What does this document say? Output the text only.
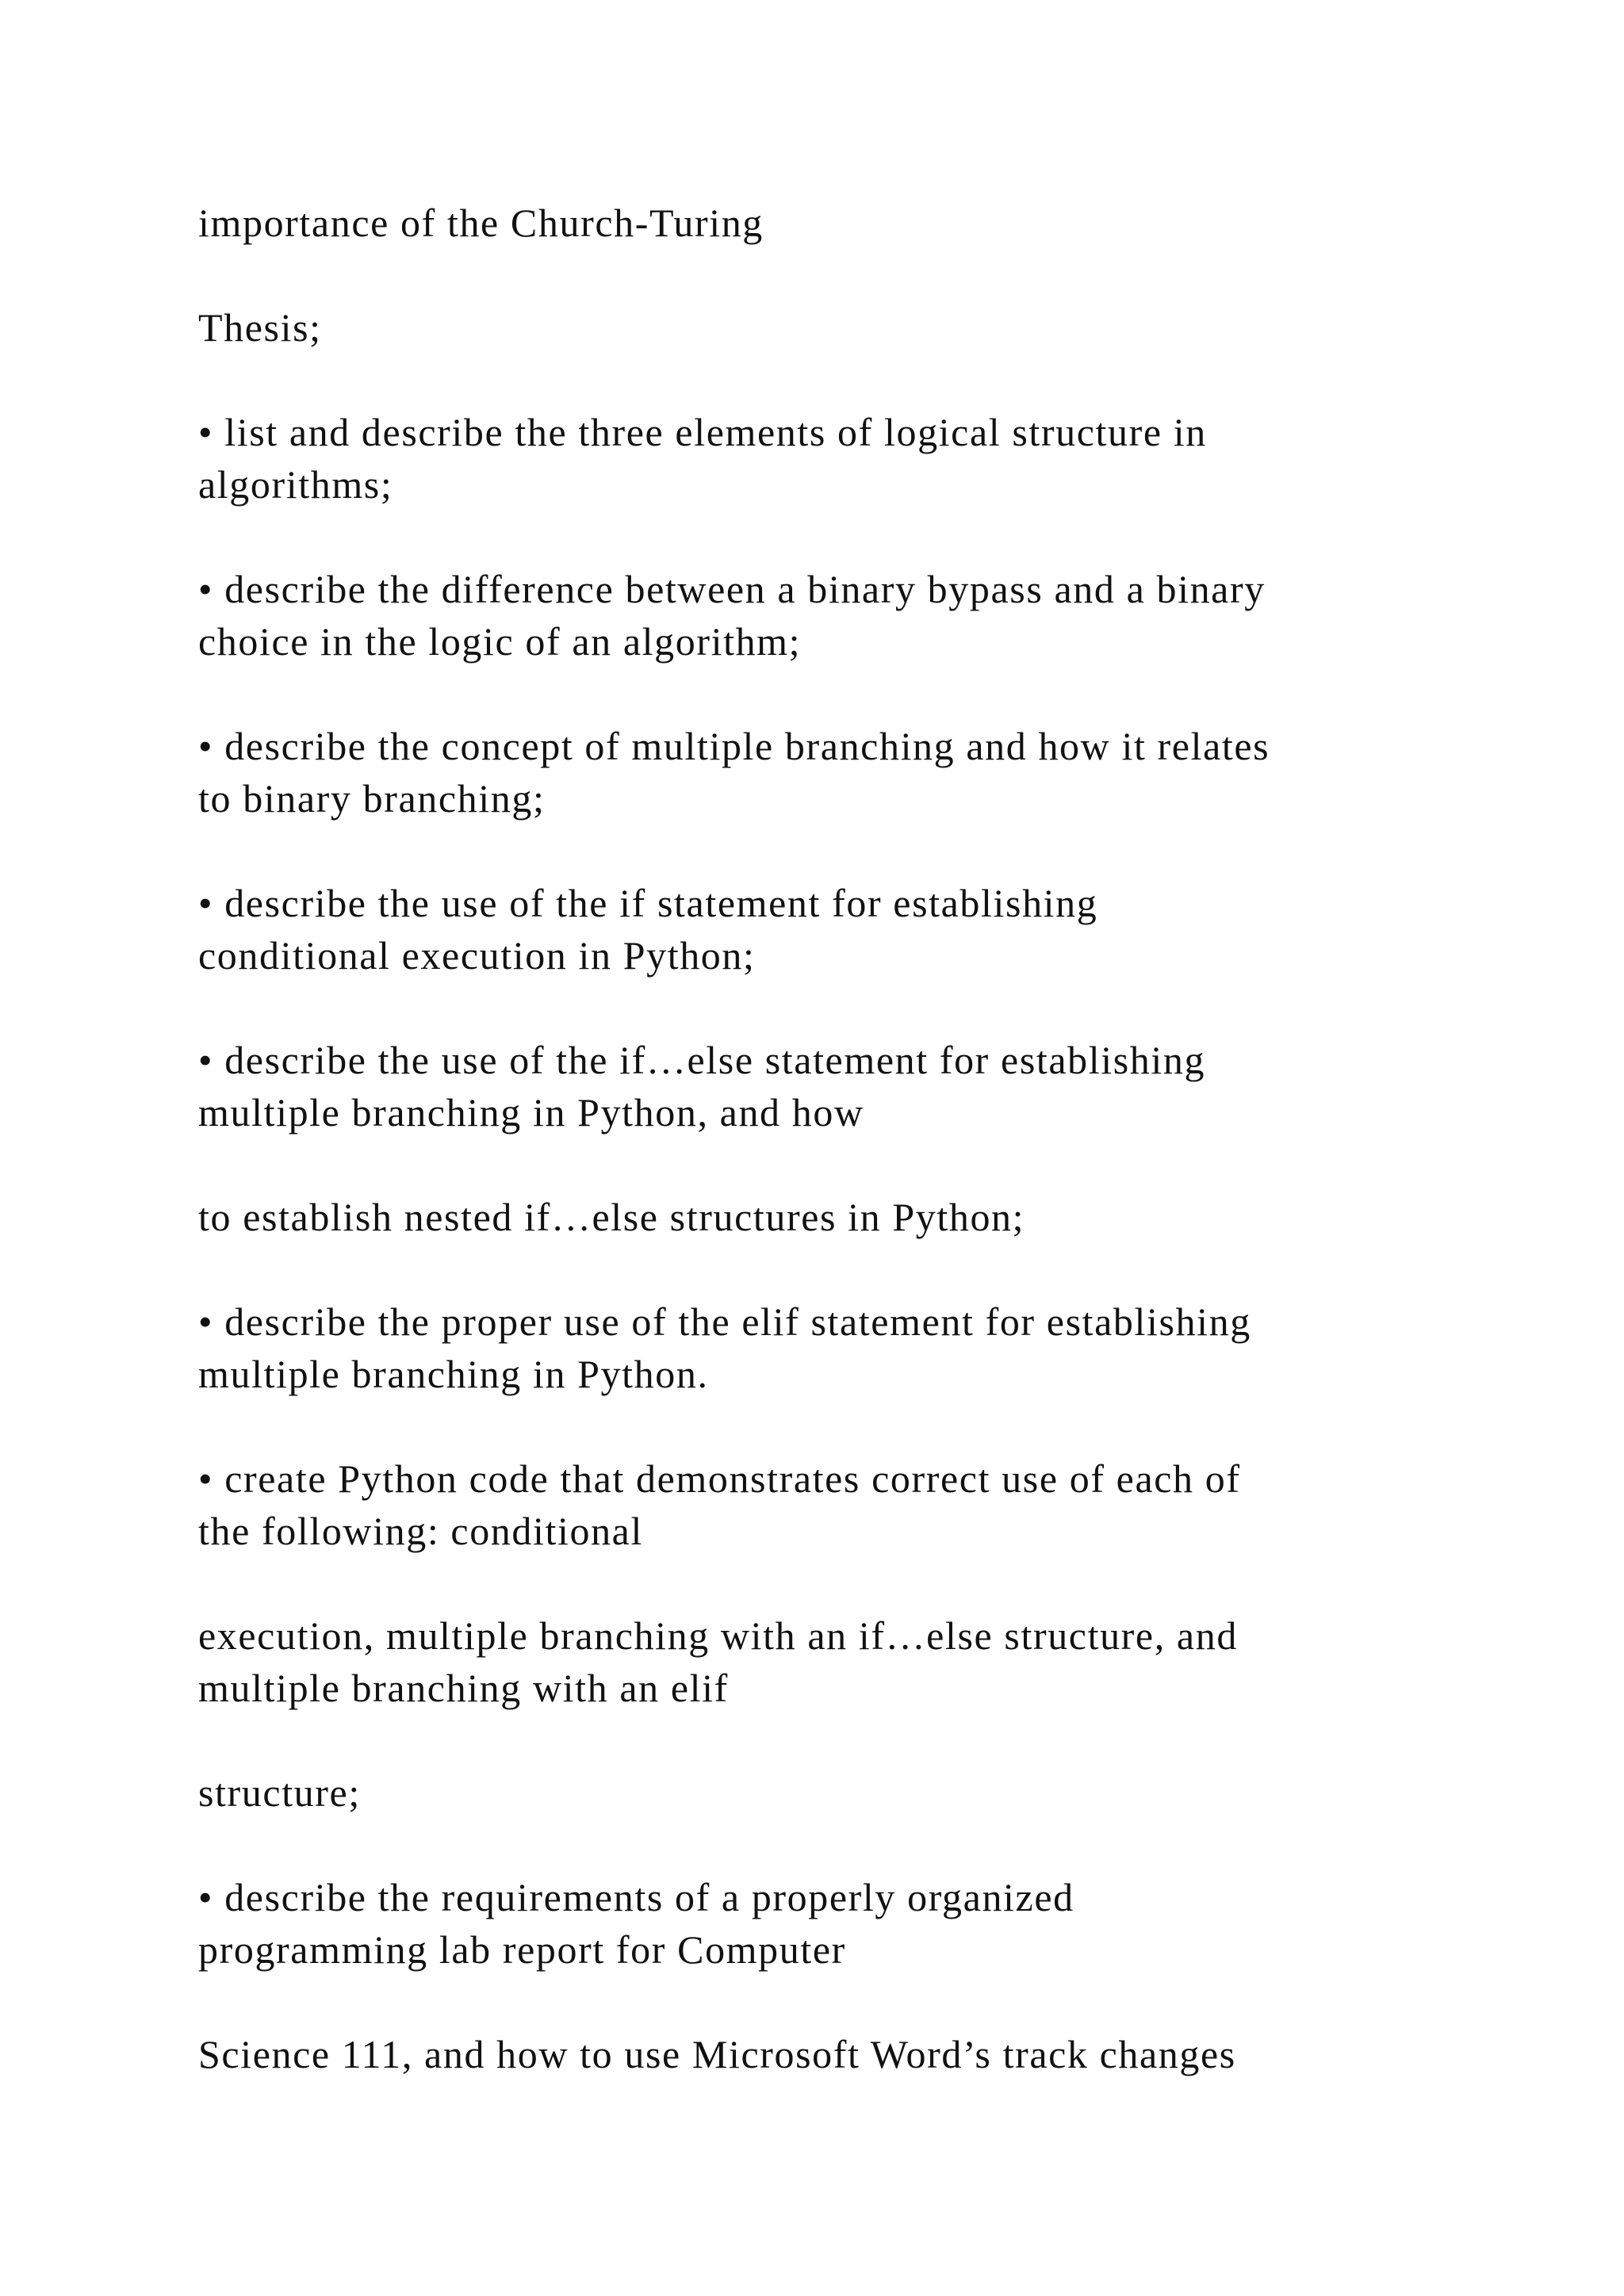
importance of the Church-Turing
Thesis;
• list and describe the three elements of logical structure in
algorithms;
• describe the difference between a binary bypass and a binary
choice in the logic of an algorithm;
• describe the concept of multiple branching and how it relates
to binary branching;
• describe the use of the if statement for establishing
conditional execution in Python;
• describe the use of the if…else statement for establishing
multiple branching in Python, and how
to establish nested if…else structures in Python;
• describe the proper use of the elif statement for establishing
multiple branching in Python.
• create Python code that demonstrates correct use of each of
the following: conditional
execution, multiple branching with an if…else structure, and
multiple branching with an elif
structure;
• describe the requirements of a properly organized
programming lab report for Computer
Science 111, and how to use Microsoft Word’s track changes
